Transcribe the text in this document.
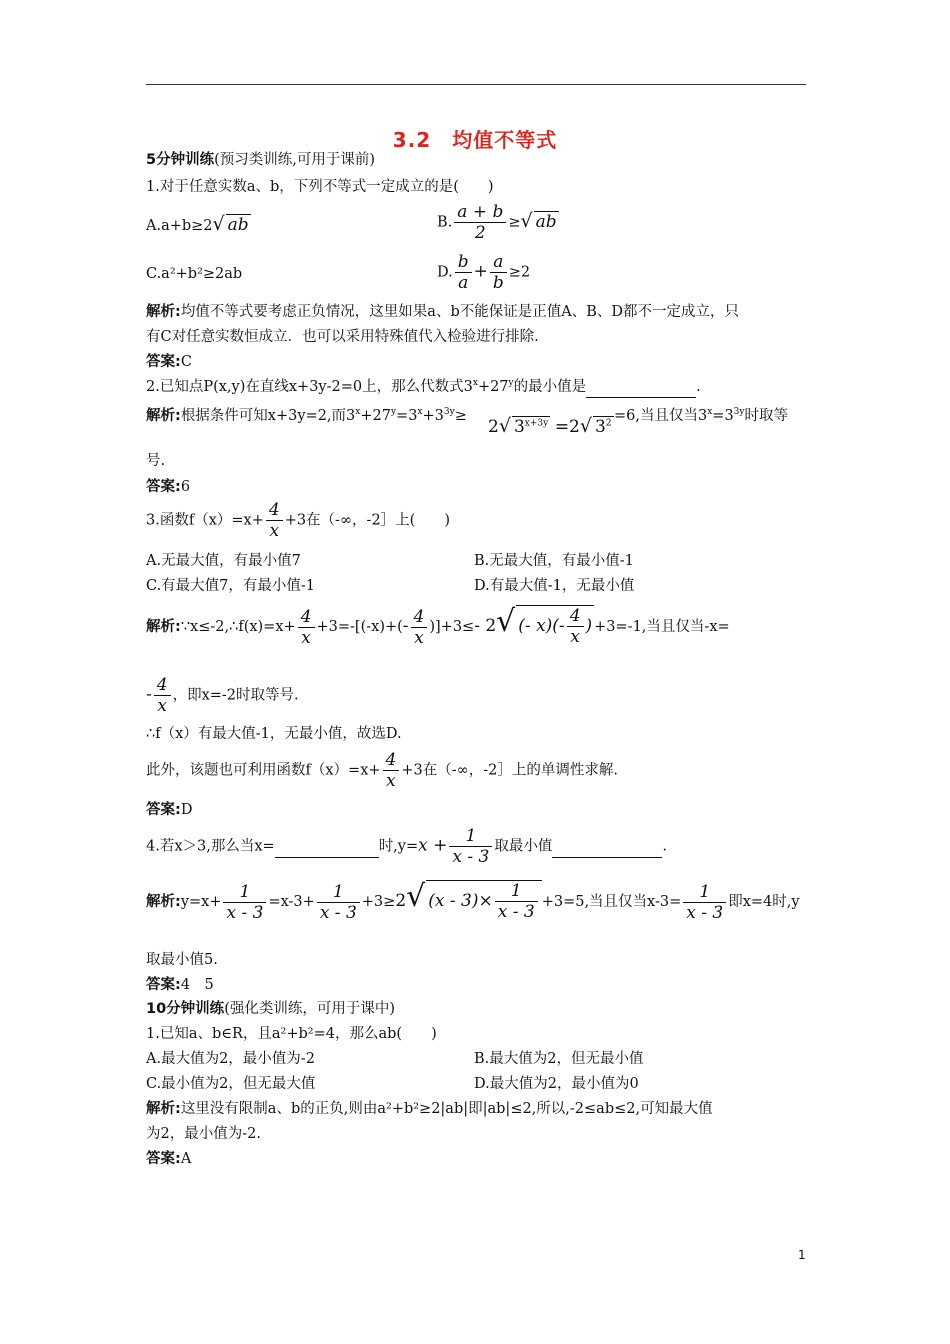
3.2　均值不等式
5分钟训练(预习类训练,可用于课前)
1.对于任意实数a、b，下列不等式一定成立的是(　　)
A.a+b≥2√ ab	B. $\frac{a + b}{2}$ ≥√ ab
C.a²+b²≥2ab	D. $\frac{b}{a} + \frac{a}{b} \ge 2$
解析:均值不等式要考虑正负情况，这里如果a、b不能保证是正值A、B、D都不一定成立，只
有C对任意实数恒成立．也可以采用特殊值代入检验进行排除.
答案:C
2.已知点P(x,y)在直线x+3y-2=0上，那么代数式$3^x+27^y$的最小值是	.
解析:根据条件可知x+3y=2,而$3^x+27^y=3^x+3^{3y}\ge$
2√ $3^{x+3y} =2√$ $3^2 =6$,当且仅当$3^x=3^{3y}$时取等
号.
答案:6
3.函数$f(x)=x+ \frac{4}{x} +3$在（-∞，-2］上(　　)
A.无最大值，有最小值7	B.无最大值，有最小值-1
C.有最大值7，有最小值-1	D.有最大值-1，无最小值
解析:∵x≤-2,∴f(x)=x+ $\frac{4}{x} +3=-[(-x)+(- \frac{4}{x} )]+3\le-$ 2√ (- $x)(- \frac{4}{x}$ ) +3=-1,当且仅当-x=
- $\frac{4}{x}$ ，即x=-2时取等号.
∴f（x）有最大值-1，无最小值，故选D.
此外，该题也可利用函数$f(x)=x+ \frac{4}{x} +3$在（-∞，-2］上的单调性求解.
答案:D
4.若x＞3,那么当x=	时$,y=x + \frac{1}{x - 3}$ 取最小值	.
解析:y=x+ $\frac{1}{x - 3} =x-3+ \frac{1}{x - 3} +3\ge 2√$ $(x - 3)\times \frac{1}{x - 3} +3=5$,当且仅当$x-3= \frac{1}{x - 3}$ 即x=4时,y
取最小值5.
答案:4　5
10分钟训练(强化类训练，可用于课中)
1.已知a、b∈R，且a²+b²=4，那么ab(　　)
A.最大值为2，最小值为-2	B.最大值为2，但无最小值
C.最小值为2，但无最大值	D.最大值为2，最小值为0
解析:这里没有限制a、b的正负,则由a²+b²≥2|ab|即|ab|≤2,所以,-2≤ab≤2,可知最大值
为2，最小值为-2.
答案:A
1
